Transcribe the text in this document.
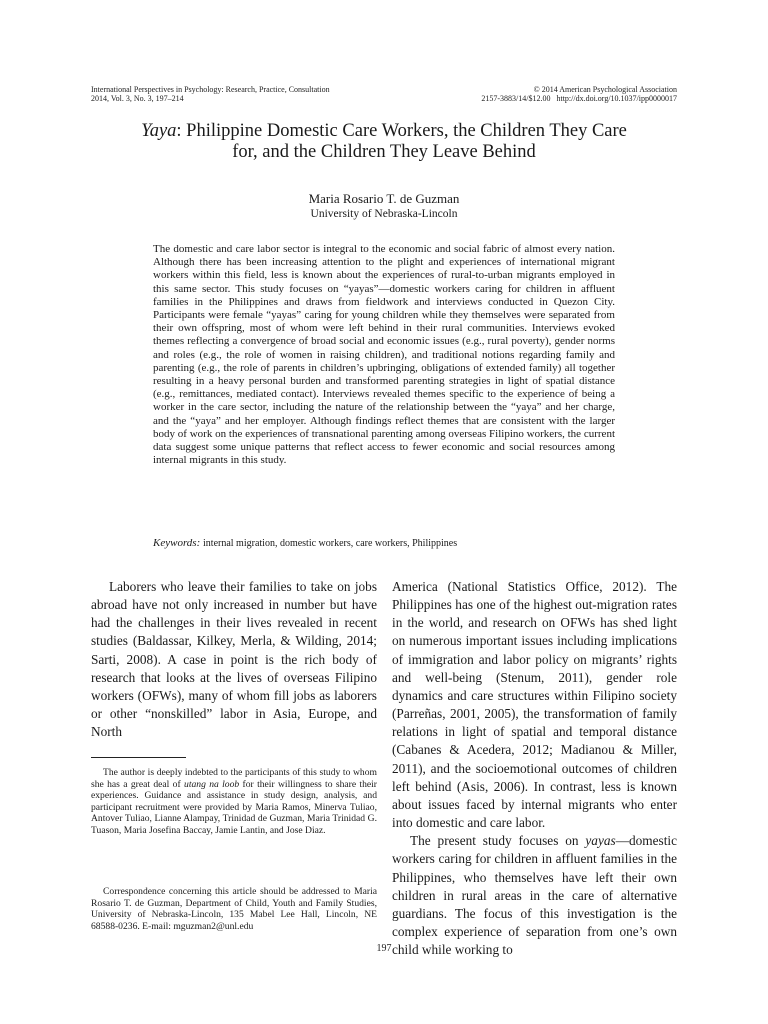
International Perspectives in Psychology: Research, Practice, Consultation
2014, Vol. 3, No. 3, 197–214
© 2014 American Psychological Association
2157-3883/14/$12.00 http://dx.doi.org/10.1037/ipp0000017
Yaya: Philippine Domestic Care Workers, the Children They Care
for, and the Children They Leave Behind
Maria Rosario T. de Guzman
University of Nebraska-Lincoln

The domestic and care labor sector is integral to the economic and social fabric of almost every nation. Although there has been increasing attention to the plight and experiences of international migrant workers within this field, less is known about the experiences of rural-to-urban migrants employed in this same sector. This study focuses on “yayas”—domestic workers caring for children in affluent families in the Philippines and draws from fieldwork and interviews conducted in Quezon City. Participants were female “yayas” caring for young children while they themselves were separated from their own offspring, most of whom were left behind in their rural communities. Interviews evoked themes reflecting a convergence of broad social and economic issues (e.g., rural poverty), gender norms and roles (e.g., the role of women in raising children), and traditional notions regarding family and parenting (e.g., the role of parents in children’s upbringing, obligations of extended family) all together resulting in a heavy personal burden and transformed parenting strategies in light of spatial distance (e.g., remittances, mediated contact). Interviews revealed themes specific to the experience of being a worker in the care sector, including the nature of the relationship between the “yaya” and her charge, and the “yaya” and her employer. Although findings reflect themes that are consistent with the larger body of work on the experiences of transnational parenting among overseas Filipino workers, the current data suggest some unique patterns that reflect access to fewer economic and social resources among internal migrants in this study.

Keywords: internal migration, domestic workers, care workers, Philippines

Laborers who leave their families to take on jobs abroad have not only increased in number but have had the challenges in their lives revealed in recent studies (Baldassar, Kilkey, Merla, & Wilding, 2014; Sarti, 2008). A case in point is the rich body of research that looks at the lives of overseas Filipino workers (OFWs), many of whom fill jobs as laborers or other “nonskilled” labor in Asia, Europe, and North

America (National Statistics Office, 2012). The Philippines has one of the highest out-migration rates in the world, and research on OFWs has shed light on numerous important issues including implications of immigration and labor policy on migrants’ rights and well-being (Stenum, 2011), gender role dynamics and care structures within Filipino society (Parreñas, 2001, 2005), the transformation of family relations in light of spatial and temporal distance (Cabanes & Acedera, 2012; Madianou & Miller, 2011), and the socioemotional outcomes of children left behind (Asis, 2006). In contrast, less is known about issues faced by internal migrants who enter into domestic and care labor.

The present study focuses on yayas—domestic workers caring for children in affluent families in the Philippines, who themselves have left their own children in rural areas in the care of alternative guardians. The focus of this investigation is the complex experience of separation from one’s own child while working to

The author is deeply indebted to the participants of this study to whom she has a great deal of utang na loob for their willingness to share their experiences. Guidance and assistance in study design, analysis, and participant recruitment were provided by Maria Ramos, Minerva Tuliao, Antover Tuliao, Lianne Alampay, Trinidad de Guzman, Maria Trinidad G. Tuason, Maria Josefina Baccay, Jamie Lantin, and Jose Diaz.

Correspondence concerning this article should be addressed to Maria Rosario T. de Guzman, Department of Child, Youth and Family Studies, University of Nebraska-Lincoln, 135 Mabel Lee Hall, Lincoln, NE 68588-0236. E-mail: mguzman2@unl.edu

197
